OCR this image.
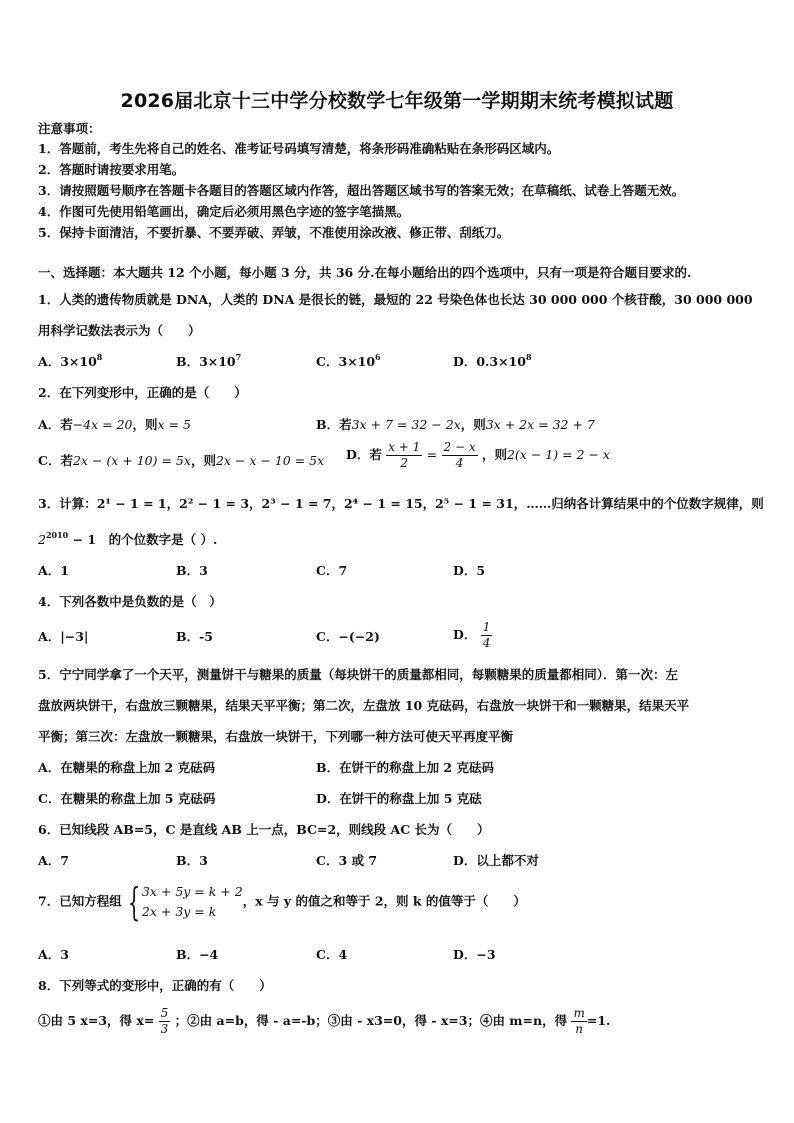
2026届北京十三中学分校数学七年级第一学期期末统考模拟试题
注意事项：
1．答题前，考生先将自己的姓名、准考证号码填写清楚，将条形码准确粘贴在条形码区域内。
2．答题时请按要求用笔。
3．请按照题号顺序在答题卡各题目的答题区域内作答，超出答题区域书写的答案无效；在草稿纸、试卷上答题无效。
4．作图可先使用铅笔画出，确定后必须用黑色字迹的签字笔描黑。
5．保持卡面清洁，不要折暴、不要弄破、弄皱，不准使用涂改液、修正带、刮纸刀。
一、选择题：本大题共 12 个小题，每小题 3 分，共 36 分.在每小题给出的四个选项中，只有一项是符合题目要求的.
1．人类的遗传物质就是 DNA，人类的 DNA 是很长的链，最短的 22 号染色体也长达 30 000 000 个核苷酸，30 000 000
用科学记数法表示为（　　）
A．$3\times 10^8$	B．$3\times 10^7$	C．$3\times 10^6$	D．$0.3\times 10^8$
2．在下列变形中，正确的是（　　）
A．若−4x = 20，则x = 5	B．若3x + 7 = 32 − 2x，则3x + 2x = 32 + 7
C．若2x − (x + 10) = 5x，则2x − x − 10 = 5x D．若 $\frac{x + 1}{2} = \frac{2 - x}{4}$ ，则2(x − 1) = 2 − x
3．计算：2¹ − 1 = 1，2² − 1 = 3，2³ − 1 = 7，2⁴ − 1 = 15，2⁵ − 1 = 31，……归纳各计算结果中的个位数字规律，则
$2^{2010} - 1$　的个位数字是（ ）.
A．1	B．3	C．7	D．5
4．下列各数中是负数的是（　）
A．|−3|	B．-5	C．−(−2)	D． $\frac{1}{4}$
5．宁宁同学拿了一个天平，测量饼干与糖果的质量（每块饼干的质量都相同，每颗糖果的质量都相同）．第一次：左
盘放两块饼干，右盘放三颗糖果，结果天平平衡；第二次，左盘放 10 克砝码，右盘放一块饼干和一颗糖果，结果天平
平衡；第三次：左盘放一颗糖果，右盘放一块饼干，下列哪一种方法可使天平再度平衡
A．在糖果的称盘上加 2 克砝码	B．在饼干的称盘上加 2 克砝码
C．在糖果的称盘上加 5 克砝码	D．在饼干的称盘上加 5 克砝
6．已知线段 AB=5，C 是直线 AB 上一点，BC=2，则线段 AC 长为（　　）
A．7	B．3	C．3 或 7	D．以上都不对
7．已知方程组 { 3x + 5y = k + 2
2x + 3y = k
，x 与 y 的值之和等于 2，则 k 的值等于（　　）
A．3	B．−4	C．4	D．−3
8．下列等式的变形中，正确的有（　　）
①由 5 x=3，得 $x= \frac{5}{3}$ ；②由 a=b，得 - a=-b；③由 - x3=0，得 - x=3；④由 m=n，得 $\frac{m}{n} =1$.
